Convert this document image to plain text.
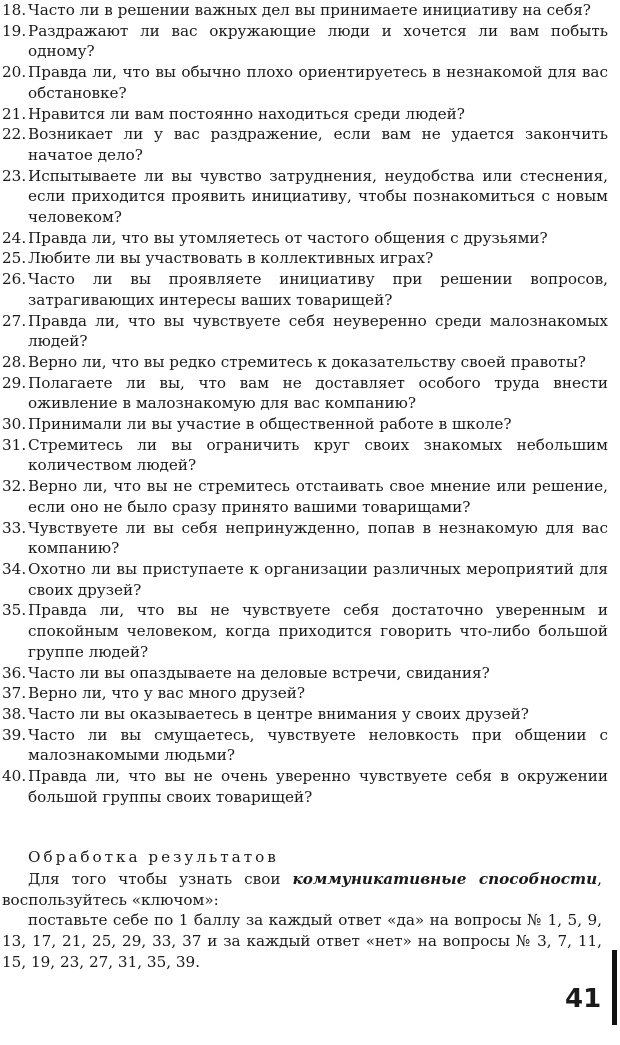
18. Часто ли в решении важных дел вы принимаете инициативу на себя?
19. Раздражают ли вас окружающие люди и хочется ли вам побыть одному?
20. Правда ли, что вы обычно плохо ориентируетесь в незнакомой для вас обстановке?
21. Нравится ли вам постоянно находиться среди людей?
22. Возникает ли у вас раздражение, если вам не удается закончить начатое дело?
23. Испытываете ли вы чувство затруднения, неудобства или стеснения, если приходится проявить инициативу, чтобы познакомиться с новым человеком?
24. Правда ли, что вы утомляетесь от частого общения с друзьями?
25. Любите ли вы участвовать в коллективных играх?
26. Часто ли вы проявляете инициативу при решении вопросов, затрагивающих интересы ваших товарищей?
27. Правда ли, что вы чувствуете себя неуверенно среди малознакомых людей?
28. Верно ли, что вы редко стремитесь к доказательству своей правоты?
29. Полагаете ли вы, что вам не доставляет особого труда внести оживление в малознакомую для вас компанию?
30. Принимали ли вы участие в общественной работе в школе?
31. Стремитесь ли вы ограничить круг своих знакомых небольшим количеством людей?
32. Верно ли, что вы не стремитесь отстаивать свое мнение или решение, если оно не было сразу принято вашими товарищами?
33. Чувствуете ли вы себя непринужденно, попав в незнакомую для вас компанию?
34. Охотно ли вы приступаете к организации различных мероприятий для своих друзей?
35. Правда ли, что вы не чувствуете себя достаточно уверенным и спокойным человеком, когда приходится говорить что-либо большой группе людей?
36. Часто ли вы опаздываете на деловые встречи, свидания?
37. Верно ли, что у вас много друзей?
38. Часто ли вы оказываетесь в центре внимания у своих друзей?
39. Часто ли вы смущаетесь, чувствуете неловкость при общении с малознакомыми людьми?
40. Правда ли, что вы не очень уверенно чувствуете себя в окружении большой группы своих товарищей?
Обработка результатов

Для того чтобы узнать свои коммуникативные способности, воспользуйтесь «ключом»:

поставьте себе по 1 баллу за каждый ответ «да» на вопросы № 1, 5, 9, 13, 17, 21, 25, 29, 33, 37 и за каждый ответ «нет» на вопросы № 3, 7, 11, 15, 19, 23, 27, 31, 35, 39.

41
